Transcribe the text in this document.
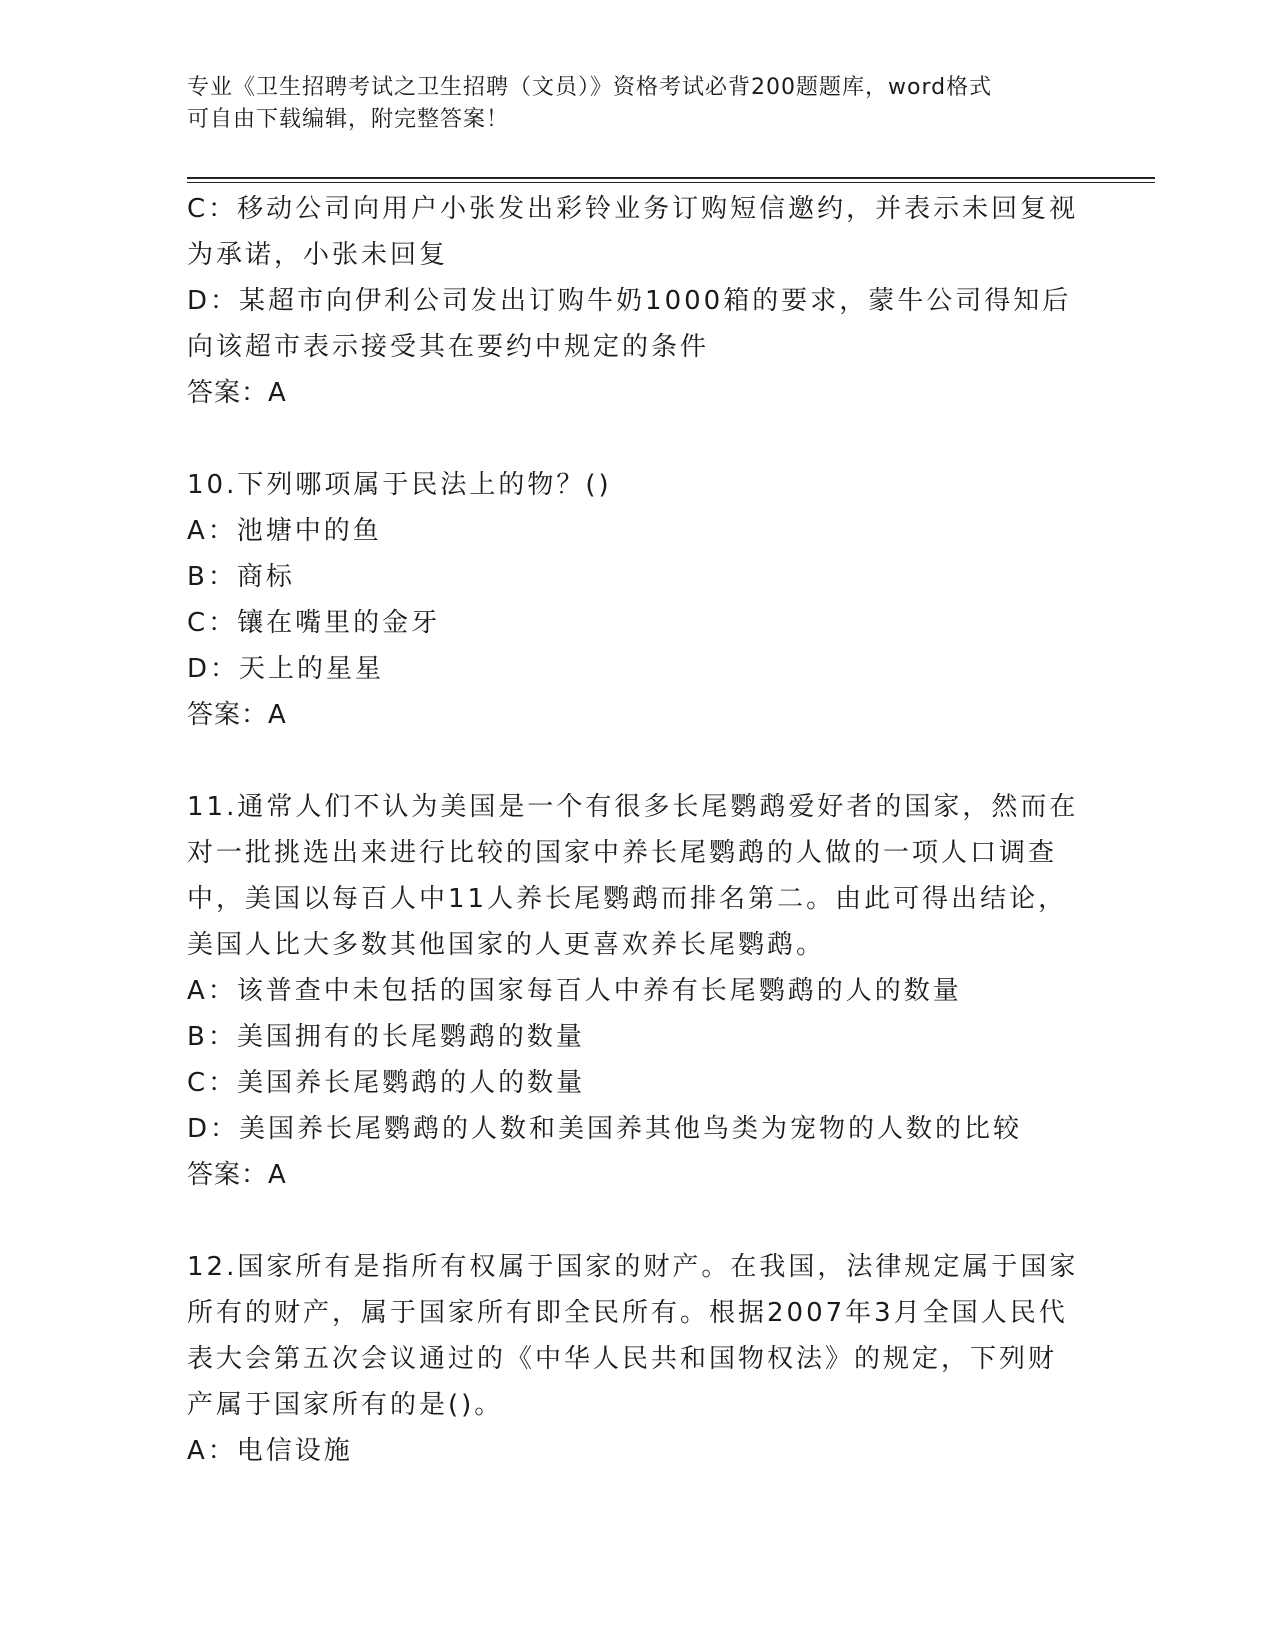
专业《卫生招聘考试之卫生招聘（文员）》资格考试必背200题题库，word格式
可自由下载编辑，附完整答案！
C：移动公司向用户小张发出彩铃业务订购短信邀约，并表示未回复视
为承诺，小张未回复
D：某超市向伊利公司发出订购牛奶1000箱的要求，蒙牛公司得知后
向该超市表示接受其在要约中规定的条件
答案：A
10.下列哪项属于民法上的物？()
A：池塘中的鱼
B：商标
C：镶在嘴里的金牙
D：天上的星星
答案：A
11.通常人们不认为美国是一个有很多长尾鹦鹉爱好者的国家，然而在
对一批挑选出来进行比较的国家中养长尾鹦鹉的人做的一项人口调查
中，美国以每百人中11人养长尾鹦鹉而排名第二。由此可得出结论，
美国人比大多数其他国家的人更喜欢养长尾鹦鹉。
A：该普查中未包括的国家每百人中养有长尾鹦鹉的人的数量
B：美国拥有的长尾鹦鹉的数量
C：美国养长尾鹦鹉的人的数量
D：美国养长尾鹦鹉的人数和美国养其他鸟类为宠物的人数的比较
答案：A
12.国家所有是指所有权属于国家的财产。在我国，法律规定属于国家
所有的财产，属于国家所有即全民所有。根据2007年3月全国人民代
表大会第五次会议通过的《中华人民共和国物权法》的规定，下列财
产属于国家所有的是()。
A：电信设施
